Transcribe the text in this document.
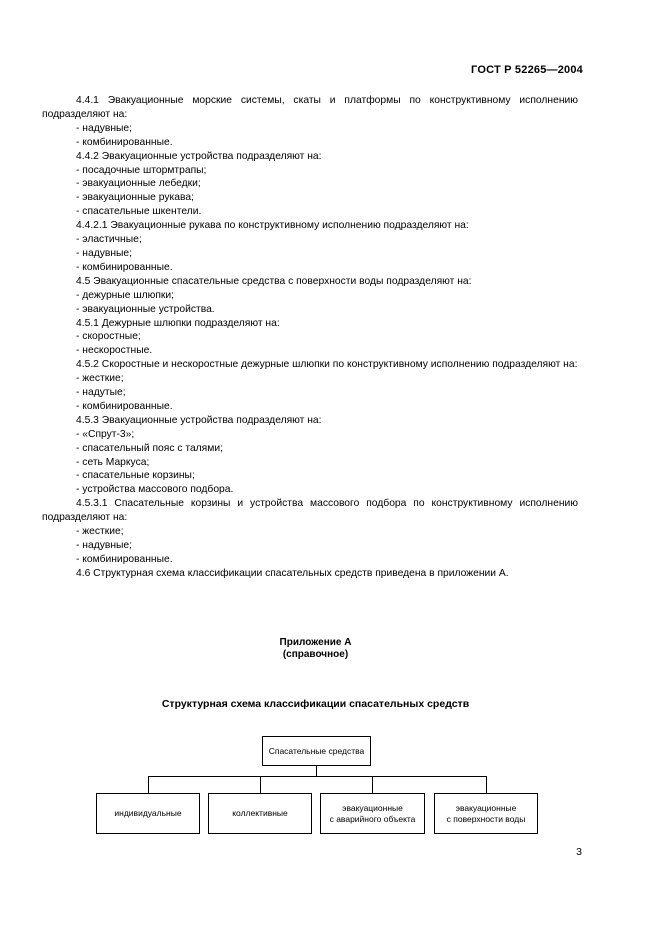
ГОСТ Р 52265—2004

4.4.1 Эвакуационные морские системы, скаты и платформы по конструктивному исполнению подразделяют на:

- надувные;

- комбинированные.

4.4.2 Эвакуационные устройства подразделяют на:

- посадочные штормтрапы;

- эвакуационные лебедки;

- эвакуационные рукава;

- спасательные шкентели.

4.4.2.1 Эвакуационные рукава по конструктивному исполнению подразделяют на:

- эластичные;

- надувные;

- комбинированные.

4.5 Эвакуационные спасательные средства с поверхности воды подразделяют на:

- дежурные шлюпки;

- эвакуационные устройства.

4.5.1 Дежурные шлюпки подразделяют на:

- скоростные;

- нескоростные.

4.5.2 Скоростные и нескоростные дежурные шлюпки по конструктивному исполнению подразделяют на:

- жесткие;

- надутые;

- комбинированные.

4.5.3 Эвакуационные устройства подразделяют на:

- «Спрут-3»;

- спасательный пояс с талями;

- сеть Маркуса;

- спасательные корзины;

- устройства массового подбора.

4.5.3.1 Спасательные корзины и устройства массового подбора по конструктивному исполнению подразделяют на:

- жесткие;

- надувные;

- комбинированные.

4.6 Структурная схема классификации спасательных средств приведена в приложении А.

Приложение А
(справочное)
Структурная схема классификации спасательных средств
Спасательные средства
индивидуальные	коллективные
эвакуационные
с аварийного объекта
эвакуационные
с поверхности воды
3
